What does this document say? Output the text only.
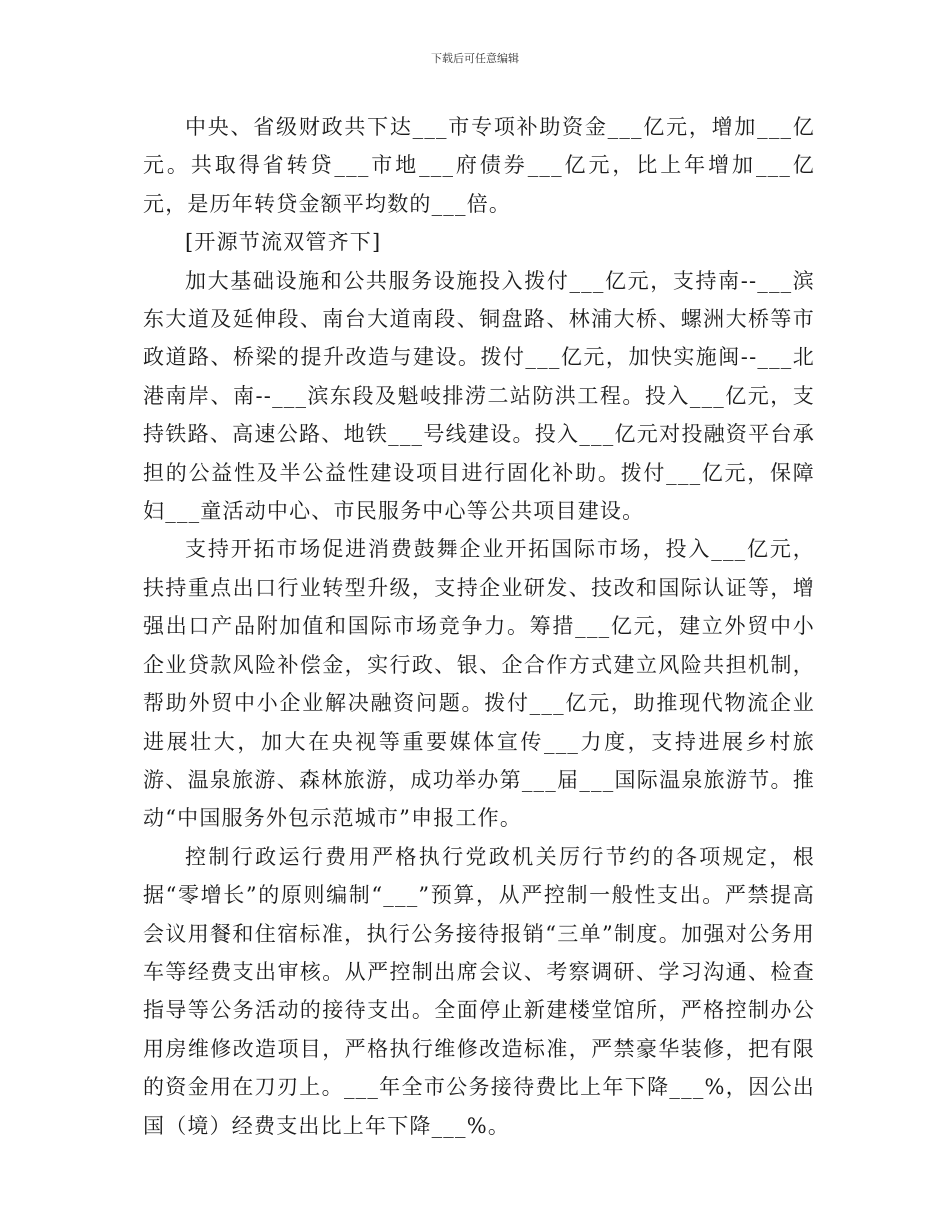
下载后可任意编辑

中央、省级财政共下达___市专项补助资金___亿元，增加___亿元。共取得省转贷___市地___府债券___亿元，比上年增加___亿元，是历年转贷金额平均数的___倍。

[开源节流双管齐下]

加大基础设施和公共服务设施投入拨付___亿元，支持南--___滨东大道及延伸段、南台大道南段、铜盘路、林浦大桥、螺洲大桥等市政道路、桥梁的提升改造与建设。拨付___亿元，加快实施闽--___北港南岸、南--___滨东段及魁岐排涝二站防洪工程。投入___亿元，支持铁路、高速公路、地铁___号线建设。投入___亿元对投融资平台承担的公益性及半公益性建设项目进行固化补助。拨付___亿元，保障妇___童活动中心、市民服务中心等公共项目建设。

支持开拓市场促进消费鼓舞企业开拓国际市场，投入___亿元，扶持重点出口行业转型升级，支持企业研发、技改和国际认证等，增强出口产品附加值和国际市场竞争力。筹措___亿元，建立外贸中小企业贷款风险补偿金，实行政、银、企合作方式建立风险共担机制，帮助外贸中小企业解决融资问题。拨付___亿元，助推现代物流企业进展壮大，加大在央视等重要媒体宣传___力度，支持进展乡村旅游、温泉旅游、森林旅游，成功举办第___届___国际温泉旅游节。推动“中国服务外包示范城市”申报工作。

控制行政运行费用严格执行党政机关厉行节约的各项规定，根据“零增长”的原则编制“___”预算，从严控制一般性支出。严禁提高会议用餐和住宿标准，执行公务接待报销“三单”制度。加强对公务用车等经费支出审核。从严控制出席会议、考察调研、学习沟通、检查指导等公务活动的接待支出。全面停止新建楼堂馆所，严格控制办公用房维修改造项目，严格执行维修改造标准，严禁豪华装修，把有限的资金用在刀刃上。___年全市公务接待费比上年下降___%，因公出国（境）经费支出比上年下降___%。
